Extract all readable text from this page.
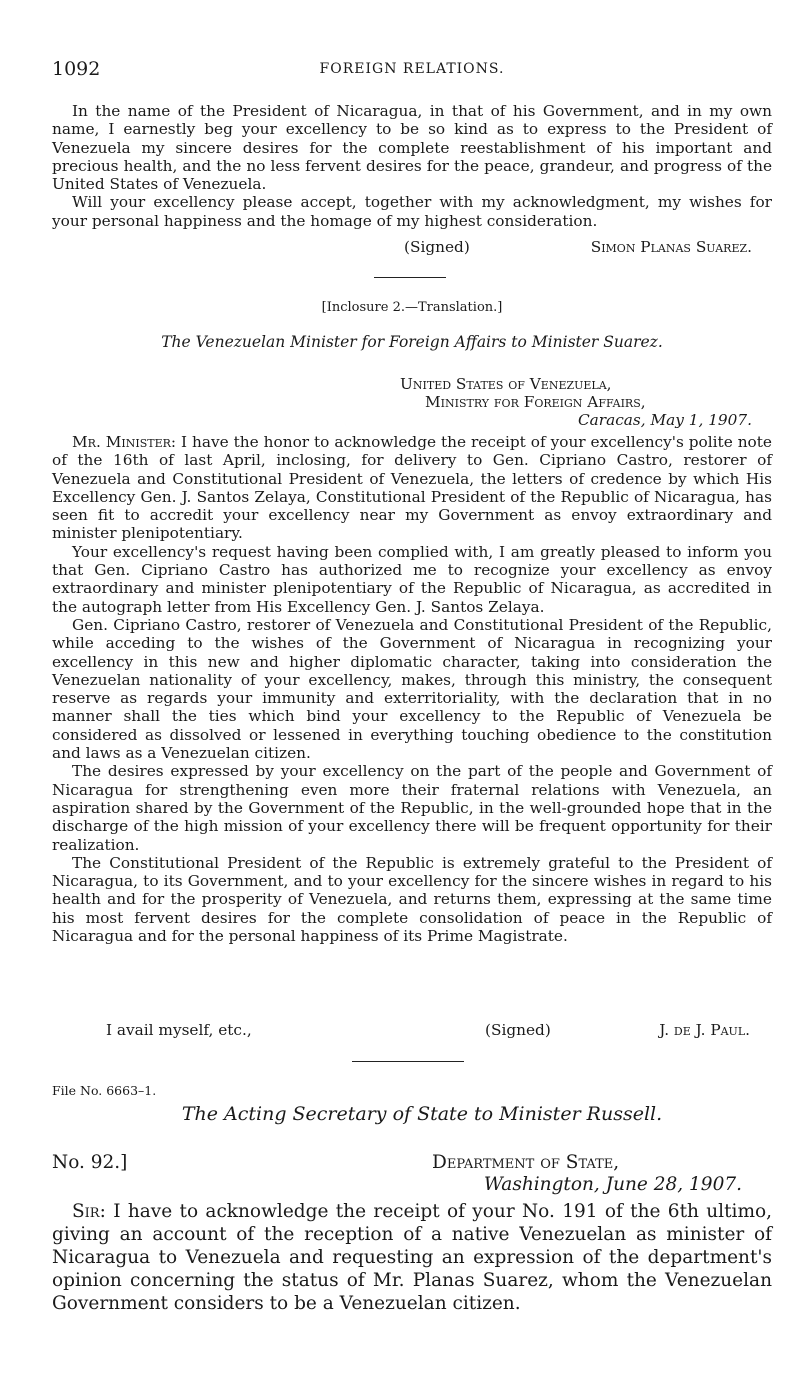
1092	FOREIGN RELATIONS.

In the name of the President of Nicaragua, in that of his Government, and in my own name, I earnestly beg your excellency to be so kind as to express to the President of Venezuela my sincere desires for the complete reestablishment of his important and precious health, and the no less fervent desires for the peace, grandeur, and progress of the United States of Venezuela.

Will your excellency please accept, together with my acknowledgment, my wishes for your personal happiness and the homage of my highest consideration.

(Signed)	Simon Planas Suarez.
[Inclosure 2.—Translation.]
The Venezuelan Minister for Foreign Affairs to Minister Suarez.
United States of Venezuela,
Ministry for Foreign Affairs,
Caracas, May 1, 1907.

Mr. Minister: I have the honor to acknowledge the receipt of your excellency's polite note of the 16th of last April, inclosing, for delivery to Gen. Cipriano Castro, restorer of Venezuela and Constitutional President of Venezuela, the letters of credence by which His Excellency Gen. J. Santos Zelaya, Constitutional President of the Republic of Nicaragua, has seen fit to accredit your excellency near my Government as envoy extraordinary and minister plenipotentiary.

Your excellency's request having been complied with, I am greatly pleased to inform you that Gen. Cipriano Castro has authorized me to recognize your excellency as envoy extraordinary and minister plenipotentiary of the Republic of Nicaragua, as accredited in the autograph letter from His Excellency Gen. J. Santos Zelaya.

Gen. Cipriano Castro, restorer of Venezuela and Constitutional President of the Republic, while acceding to the wishes of the Government of Nicaragua in recognizing your excellency in this new and higher diplomatic character, taking into consideration the Venezuelan nationality of your excellency, makes, through this ministry, the consequent reserve as regards your immunity and exterritoriality, with the declaration that in no manner shall the ties which bind your excellency to the Republic of Venezuela be considered as dissolved or lessened in everything touching obedience to the constitution and laws as a Venezuelan citizen.

The desires expressed by your excellency on the part of the people and Government of Nicaragua for strengthening even more their fraternal relations with Venezuela, an aspiration shared by the Government of the Republic, in the well-grounded hope that in the discharge of the high mission of your excellency there will be frequent opportunity for their realization.

The Constitutional President of the Republic is extremely grateful to the President of Nicaragua, to its Government, and to your excellency for the sincere wishes in regard to his health and for the prosperity of Venezuela, and returns them, expressing at the same time his most fervent desires for the complete consolidation of peace in the Republic of Nicaragua and for the personal happiness of its Prime Magistrate.

I avail myself, etc.,	(Signed)	J. de J. Paul.
File No. 6663–1.
The Acting Secretary of State to Minister Russell.
No. 92.]	Department of State,
Washington, June 28, 1907.

Sir: I have to acknowledge the receipt of your No. 191 of the 6th ultimo, giving an account of the reception of a native Venezuelan as minister of Nicaragua to Venezuela and requesting an expression of the department's opinion concerning the status of Mr. Planas Suarez, whom the Venezuelan Government considers to be a Venezuelan citizen.
